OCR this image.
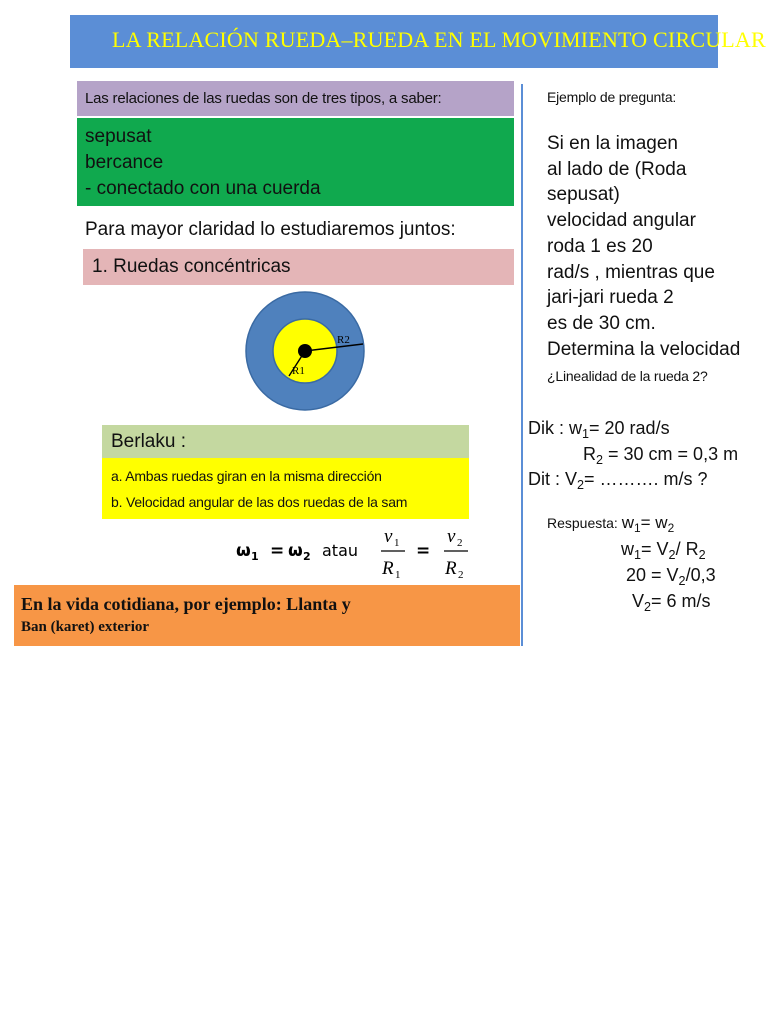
LA RELACIÓN RUEDA–RUEDA EN EL MOVIMIENTO CIRCULAR
Las relaciones de las ruedas son de tres tipos, a saber:
sepusat
bercance
- conectado con una cuerda
Para mayor claridad lo estudiaremos juntos:
1. Ruedas concéntricas
R2
R1
Berlaku :
a. Ambas ruedas giran en la misma dirección
b. Velocidad angular de las dos ruedas de la sam
ω 1 = ω 2 atau	=
v 1
R 1
v 2
R 2
En la vida cotidiana, por ejemplo: Llanta y
Ban (karet) exterior
Ejemplo de pregunta:
Si en la imagen
al lado de (Roda
sepusat)
velocidad angular
roda 1 es 20
rad/s , mientras que
jari-jari rueda 2
es de 30 cm.
Determina la velocidad
¿Linealidad de la rueda 2?
Dik : $w_1= 20$ rad/s
$R_2 = 30$ cm = 0,3 m
Dit : $V_2=$ ………. m/s ?
Respuesta: $w_1= w_2$
$w_1= V_2/$ $R_2$
$20 = V_2/0,3$
$V_2= 6$ m/s
